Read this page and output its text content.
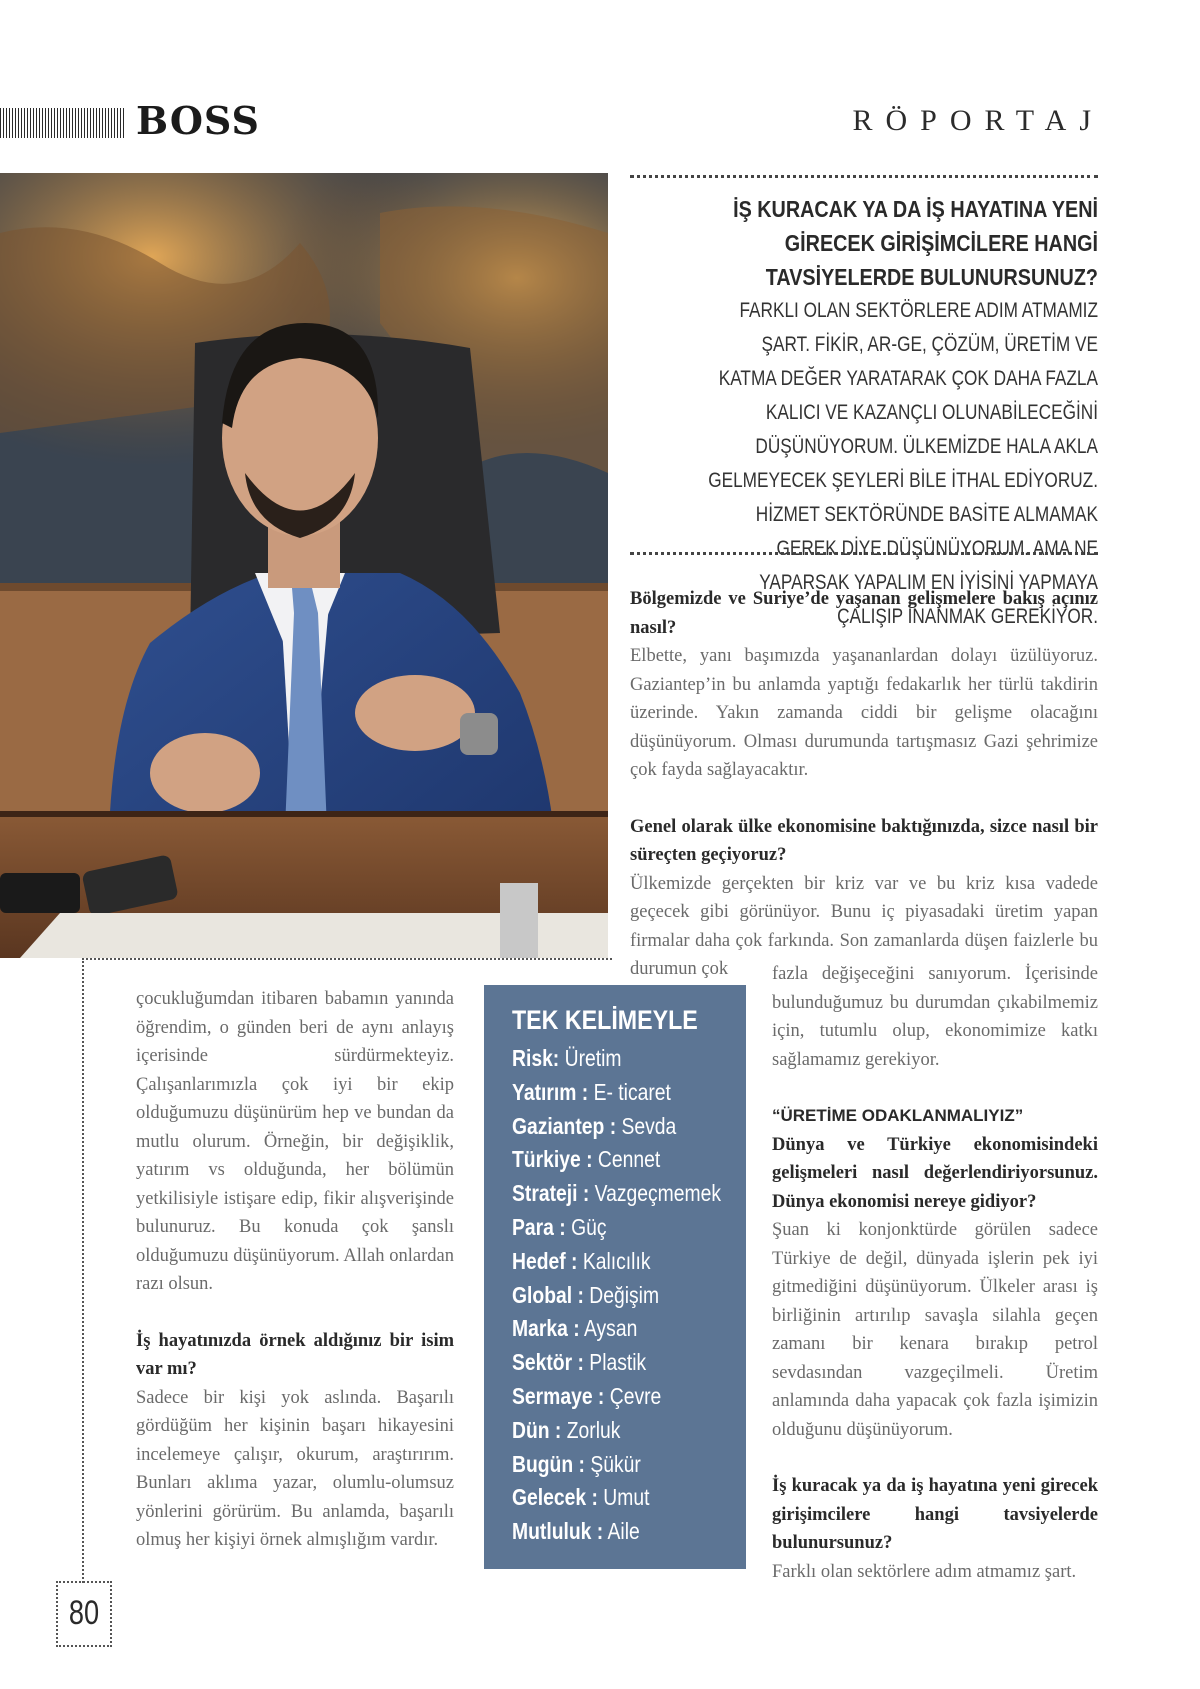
BOSS	RÖPORTAJ
İŞ KURACAK YA DA İŞ HAYATINA YENİ GİRECEK GİRİŞİMCİLERE HANGİ TAVSİYELERDE BULUNURSUNUZ?
FARKLI OLAN SEKTÖRLERE ADIM ATMAMIZ ŞART. FİKİR, AR-GE, ÇÖZÜM, ÜRETİM VE KATMA DEĞER YARATARAK ÇOK DAHA FAZLA KALICI VE KAZANÇLI OLUNABİLECEĞİNİ DÜŞÜNÜYORUM. ÜLKEMİZDE HALA AKLA GELMEYECEK ŞEYLERİ BİLE İTHAL EDİYORUZ. HİZMET SEKTÖRÜNDE BASİTE ALMAMAK GEREK DİYE DÜŞÜNÜYORUM. AMA NE YAPARSAK YAPALIM EN İYİSİNİ YAPMAYA ÇALIŞIP İNANMAK GEREKİYOR.

Bölgemizde ve Suriye’de yaşanan gelişmelere bakış açınız nasıl?
Elbette, yanı başımızda yaşananlardan dolayı üzülüyoruz. Gaziantep’in bu anlamda yaptığı fedakarlık her türlü takdirin üzerinde. Yakın zamanda ciddi bir gelişme olacağını düşünüyorum. Olması durumunda tartışmasız Gazi şehrimize çok fayda sağlayacaktır.

Genel olarak ülke ekonomisine baktığınızda, sizce nasıl bir süreçten geçiyoruz?
Ülkemizde gerçekten bir kriz var ve bu kriz kısa vadede geçecek gibi görünüyor. Bunu iç piyasadaki üretim yapan firmalar daha çok farkında. Son zamanlarda düşen faizlerle bu durumun çok	fazla değişeceğini sanıyorum. İçerisinde bulunduğumuz bu durumdan çıkabilmemiz için, tutumlu olup, ekonomimize katkı sağlamamız gerekiyor.

“ÜRETİME ODAKLANMALIYIZ”
Dünya ve Türkiye ekonomisindeki gelişmeleri nasıl değerlendiriyorsunuz. Dünya ekonomisi nereye gidiyor?
Şuan ki konjonktürde görülen sadece Türkiye de değil, dünyada işlerin pek iyi gitmediğini düşünüyorum. Ülkeler arası iş birliğinin artırılıp savaşla silahla geçen zamanı bir kenara bırakıp petrol sevdasından vazgeçilmeli. Üretim anlamında daha yapacak çok fazla işimizin olduğunu düşünüyorum.

İş kuracak ya da iş hayatına yeni girecek girişimcilere hangi tavsiyelerde bulunursunuz?
Farklı olan sektörlere adım atmamız şart.

çocukluğumdan itibaren babamın yanında öğrendim, o günden beri de aynı anlayış içerisinde sürdürmekteyiz. Çalışanlarımızla çok iyi bir ekip olduğumuzu düşünürüm hep ve bundan da mutlu olurum. Örneğin, bir değişiklik, yatırım vs olduğunda, her bölümün yetkilisiyle istişare edip, fikir alışverişinde bulunuruz. Bu konuda çok şanslı olduğumuzu düşünüyorum. Allah onlardan razı olsun.

İş hayatınızda örnek aldığınız bir isim var mı?
Sadece bir kişi yok aslında. Başarılı gördüğüm her kişinin başarı hikayesini incelemeye çalışır, okurum, araştırırım. Bunları aklıma yazar, olumlu-olumsuz yönlerini görürüm. Bu anlamda, başarılı olmuş her kişiyi örnek almışlığım vardır.

TEK KELİMEYLE
Risk: Üretim
Yatırım : E- ticaret
Gaziantep : Sevda
Türkiye : Cennet
Strateji : Vazgeçmemek
Para : Güç
Hedef : Kalıcılık
Global : Değişim
Marka : Aysan
Sektör : Plastik
Sermaye : Çevre
Dün : Zorluk
Bugün : Şükür
Gelecek : Umut
Mutluluk : Aile
80
